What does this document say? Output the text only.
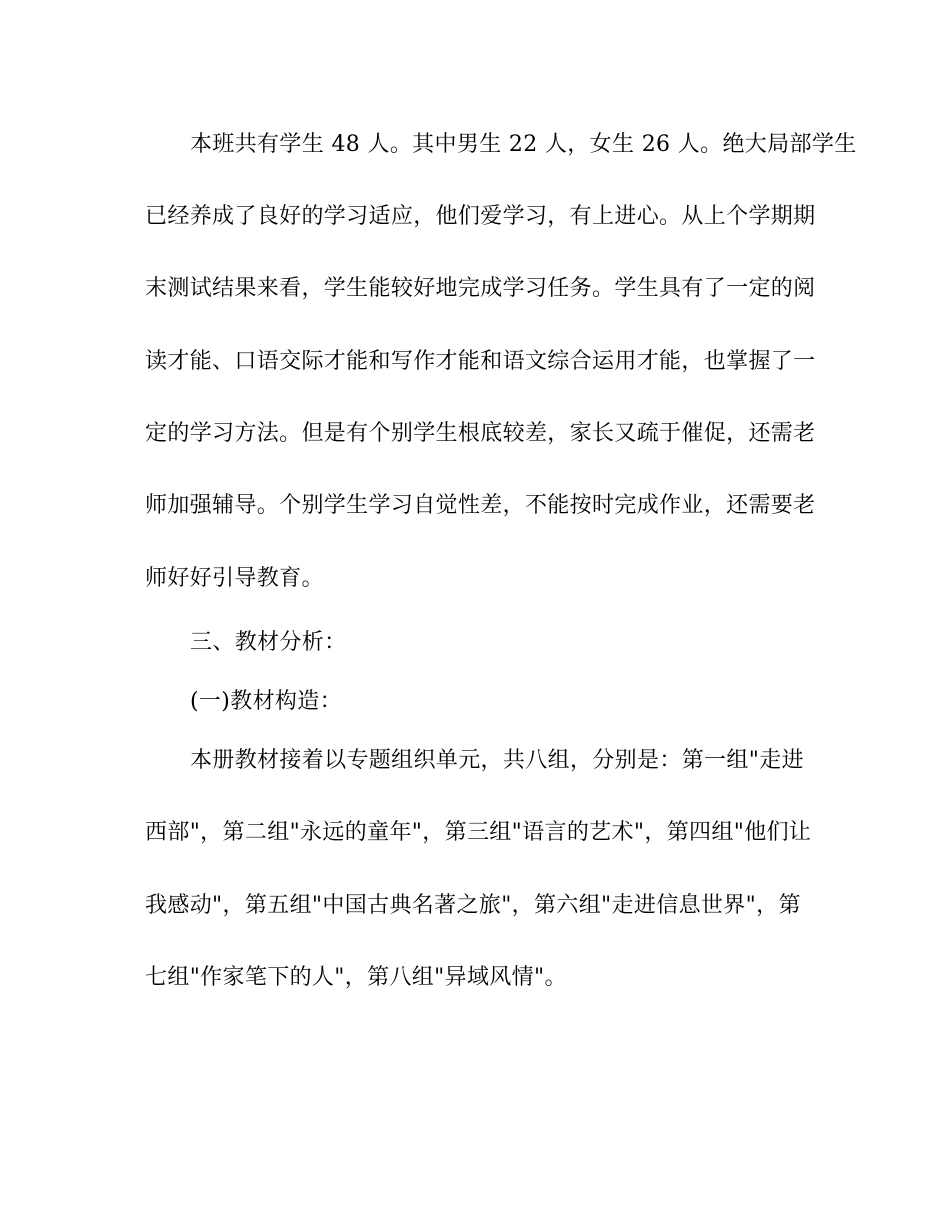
本班共有学生 48 人。其中男生 22 人，女生 26 人。绝大局部学生
已经养成了良好的学习适应，他们爱学习，有上进心。从上个学期期
末测试结果来看，学生能较好地完成学习任务。学生具有了一定的阅
读才能、口语交际才能和写作才能和语文综合运用才能，也掌握了一
定的学习方法。但是有个别学生根底较差，家长又疏于催促，还需老
师加强辅导。个别学生学习自觉性差，不能按时完成作业，还需要老
师好好引导教育。
三、教材分析：
(一)教材构造：
本册教材接着以专题组织单元，共八组，分别是：第一组"走进
西部"，第二组"永远的童年"，第三组"语言的艺术"，第四组"他们让
我感动"，第五组"中国古典名著之旅"，第六组"走进信息世界"，第
七组"作家笔下的人"，第八组"异域风情"。
